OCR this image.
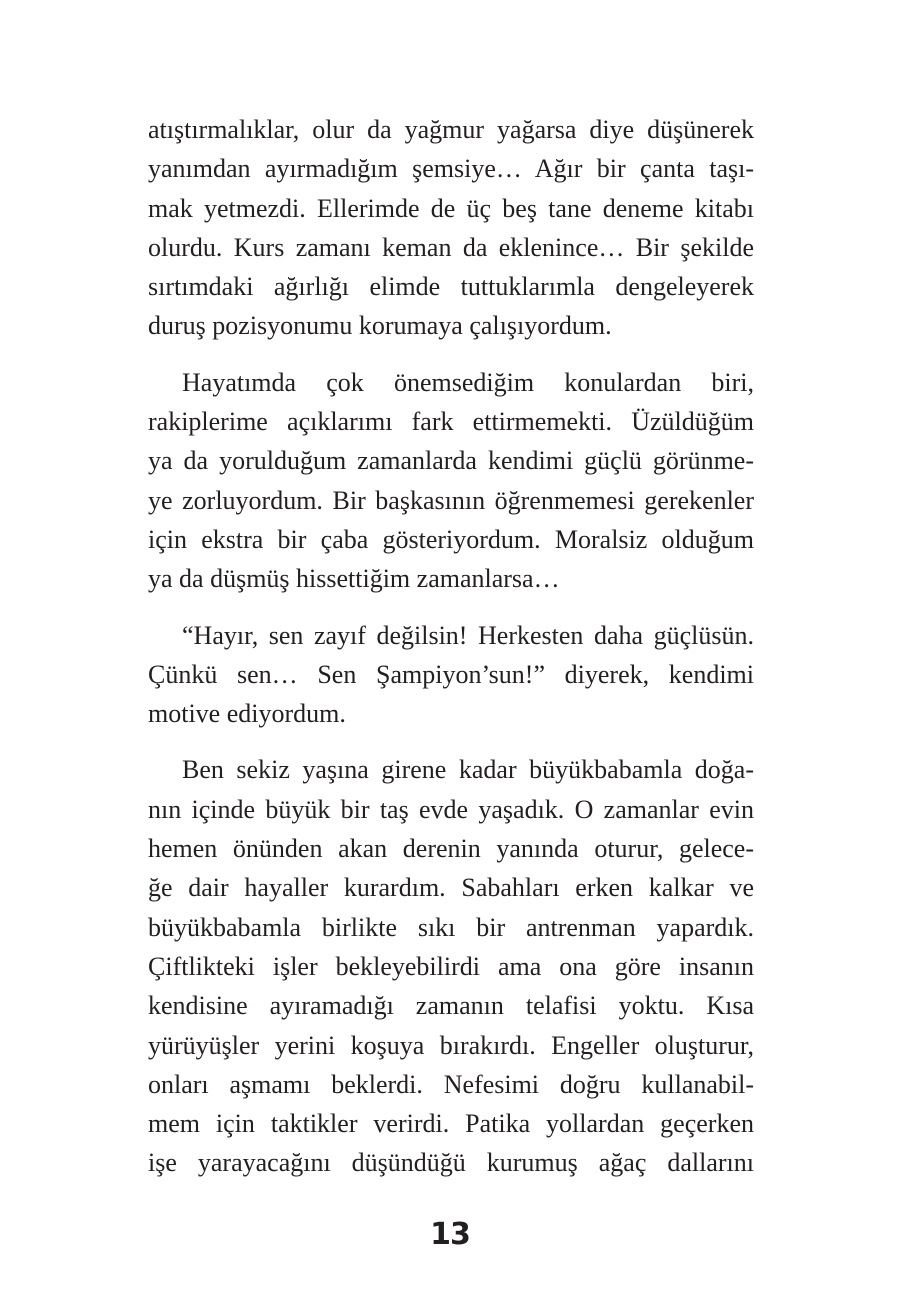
atıştırmalıklar, olur da yağmur yağarsa diye düşünerek
yanımdan ayırmadığım şemsiye… Ağır bir çanta taşı-
mak yetmezdi. Ellerimde de üç beş tane deneme kitabı
olurdu. Kurs zamanı keman da eklenince… Bir şekilde
sırtımdaki ağırlığı elimde tuttuklarımla dengeleyerek
duruş pozisyonumu korumaya çalışıyordum.
Hayatımda çok önemsediğim konulardan biri,
rakiplerime açıklarımı fark ettirmemekti. Üzüldüğüm
ya da yorulduğum zamanlarda kendimi güçlü görünme-
ye zorluyordum. Bir başkasının öğrenmemesi gerekenler
için ekstra bir çaba gösteriyordum. Moralsiz olduğum
ya da düşmüş hissettiğim zamanlarsa…
“Hayır, sen zayıf değilsin! Herkesten daha güçlüsün.
Çünkü sen… Sen Şampiyon’sun!” diyerek, kendimi
motive ediyordum.
Ben sekiz yaşına girene kadar büyükbabamla doğa-
nın içinde büyük bir taş evde yaşadık. O zamanlar evin
hemen önünden akan derenin yanında oturur, gelece-
ğe dair hayaller kurardım. Sabahları erken kalkar ve
büyükbabamla birlikte sıkı bir antrenman yapardık.
Çiftlikteki işler bekleyebilirdi ama ona göre insanın
kendisine ayıramadığı zamanın telafisi yoktu. Kısa
yürüyüşler yerini koşuya bırakırdı. Engeller oluşturur,
onları aşmamı beklerdi. Nefesimi doğru kullanabil-
mem için taktikler verirdi. Patika yollardan geçerken
işe yarayacağını düşündüğü kurumuş ağaç dallarını
13
